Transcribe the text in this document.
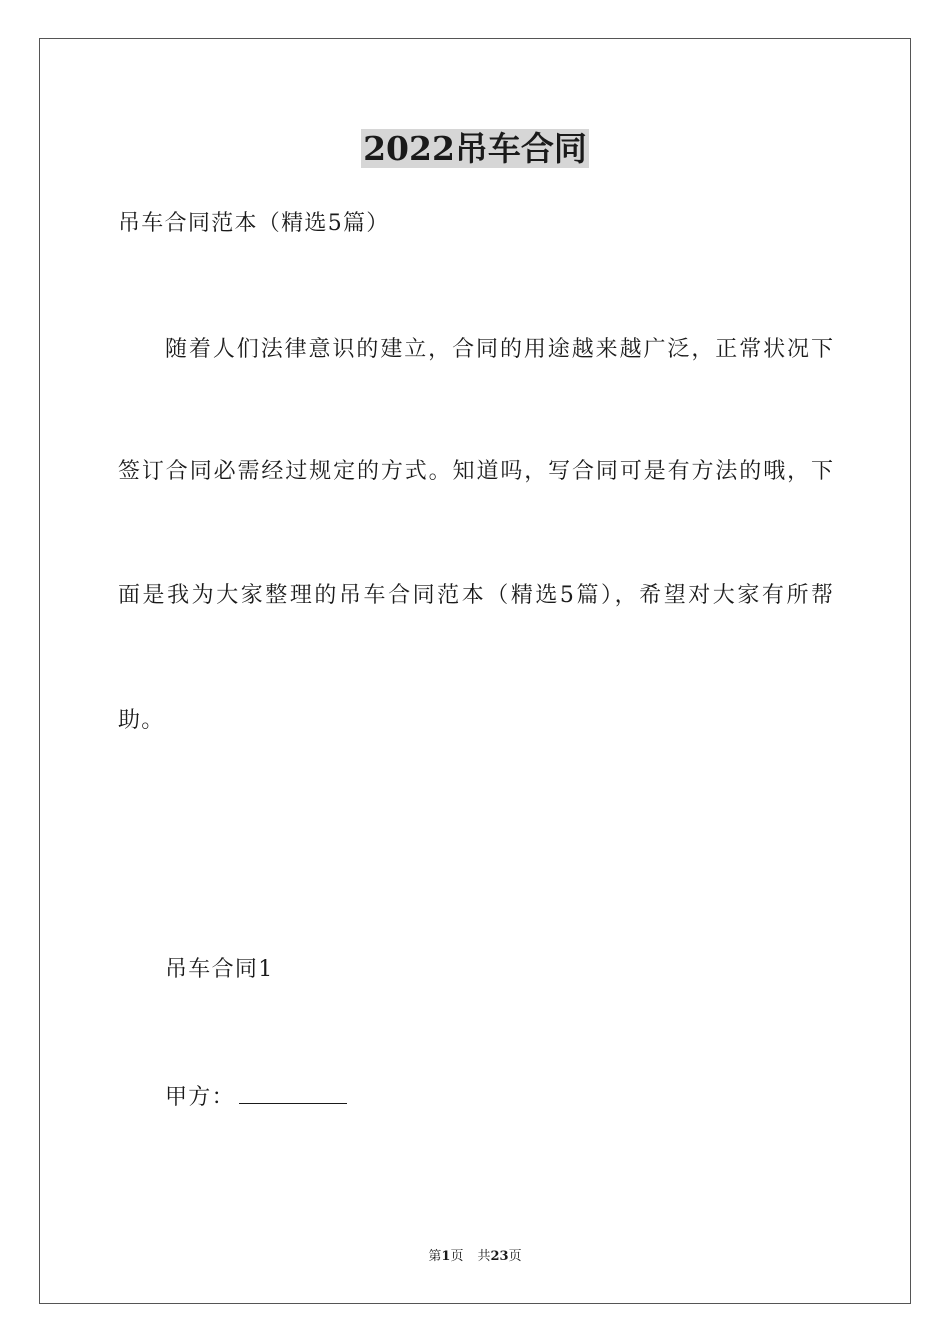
2022吊车合同
吊车合同范本（精选5篇）
随着人们法律意识的建立，合同的用途越来越广泛，正常状况下
签订合同必需经过规定的方式。知道吗，写合同可是有方法的哦，下
面是我为大家整理的吊车合同范本（精选5篇），希望对大家有所帮
助。
吊车合同1
甲方：
第1页 共23页
